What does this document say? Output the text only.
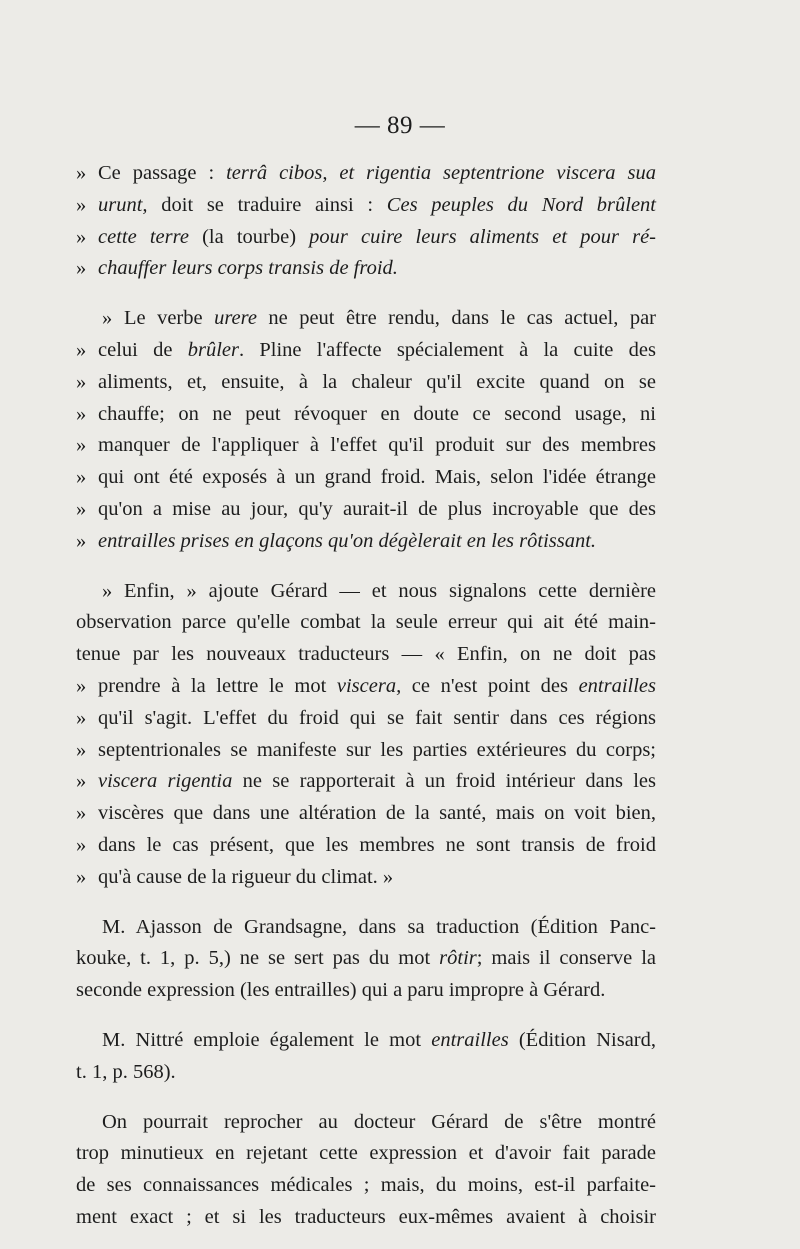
— 89 —
» Ce passage : terrâ cibos, et rigentia septentrione viscera sua
» urunt, doit se traduire ainsi : Ces peuples du Nord brûlent
» cette terre (la tourbe) pour cuire leurs aliments et pour ré-
» chauffer leurs corps transis de froid.
» Le verbe urere ne peut être rendu, dans le cas actuel, par
» celui de brûler. Pline l'affecte spécialement à la cuite des
» aliments, et, ensuite, à la chaleur qu'il excite quand on se
» chauffe; on ne peut révoquer en doute ce second usage, ni
» manquer de l'appliquer à l'effet qu'il produit sur des membres
» qui ont été exposés à un grand froid. Mais, selon l'idée étrange
» qu'on a mise au jour, qu'y aurait-il de plus incroyable que des
» entrailles prises en glaçons qu'on dégèlerait en les rôtissant.
» Enfin, » ajoute Gérard — et nous signalons cette dernière
observation parce qu'elle combat la seule erreur qui ait été main-
tenue par les nouveaux traducteurs — « Enfin, on ne doit pas
» prendre à la lettre le mot viscera, ce n'est point des entrailles
» qu'il s'agit. L'effet du froid qui se fait sentir dans ces régions
» septentrionales se manifeste sur les parties extérieures du corps;
» viscera rigentia ne se rapporterait à un froid intérieur dans les
» viscères que dans une altération de la santé, mais on voit bien,
» dans le cas présent, que les membres ne sont transis de froid
» qu'à cause de la rigueur du climat. »
M. Ajasson de Grandsagne, dans sa traduction (Édition Panc-
kouke, t. 1, p. 5,) ne se sert pas du mot rôtir; mais il conserve la
seconde expression (les entrailles) qui a paru impropre à Gérard.
M. Nittré emploie également le mot entrailles (Édition Nisard,
t. 1, p. 568).
On pourrait reprocher au docteur Gérard de s'être montré
trop minutieux en rejetant cette expression et d'avoir fait parade
de ses connaissances médicales ; mais, du moins, est-il parfaite-
ment exact ; et si les traducteurs eux-mêmes avaient à choisir
